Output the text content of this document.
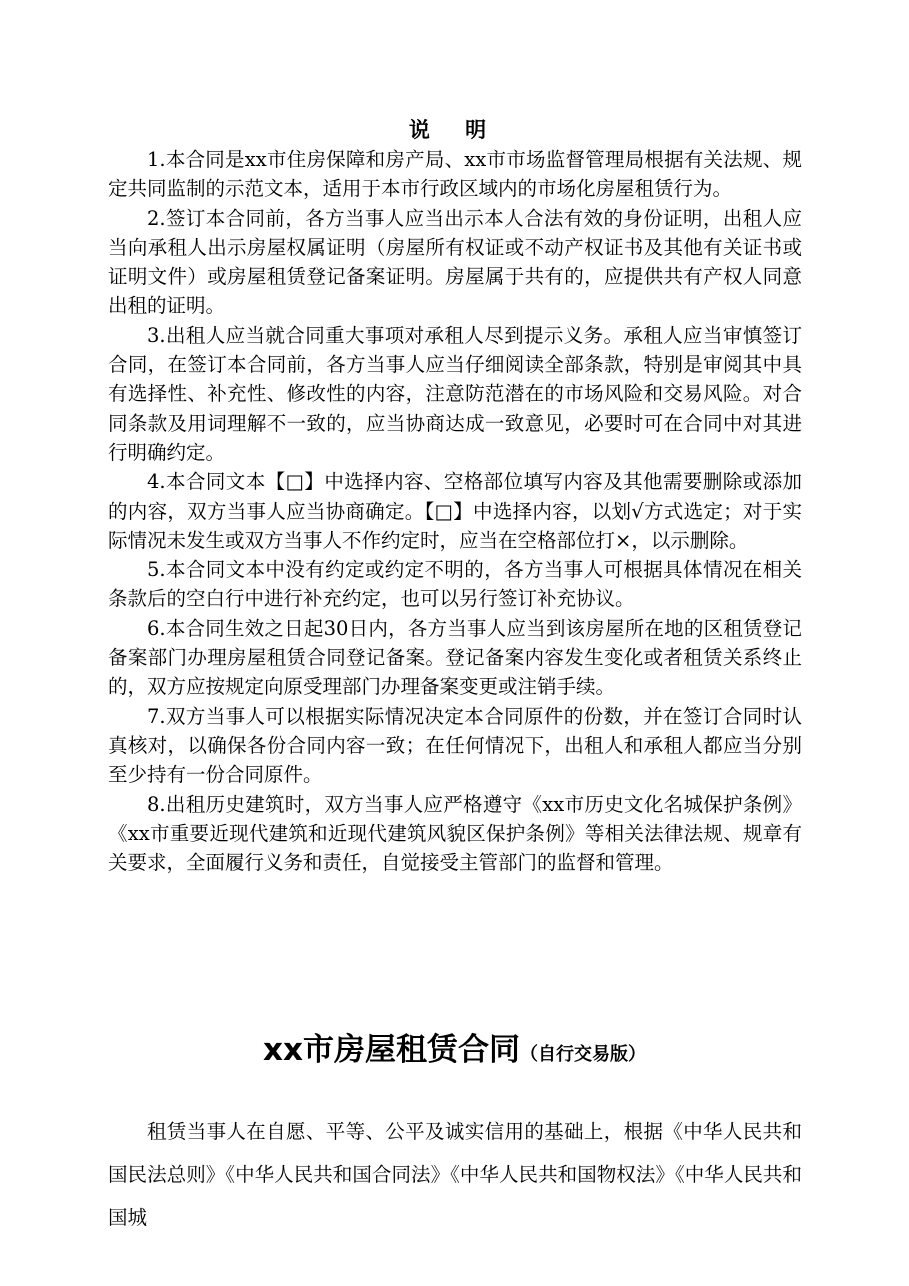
说 明

1.本合同是xx市住房保障和房产局、xx市市场监督管理局根据有关法规、规定共同监制的示范文本，适用于本市行政区域内的市场化房屋租赁行为。

2.签订本合同前，各方当事人应当出示本人合法有效的身份证明，出租人应当向承租人出示房屋权属证明（房屋所有权证或不动产权证书及其他有关证书或证明文件）或房屋租赁登记备案证明。房屋属于共有的，应提供共有产权人同意出租的证明。

3.出租人应当就合同重大事项对承租人尽到提示义务。承租人应当审慎签订合同，在签订本合同前，各方当事人应当仔细阅读全部条款，特别是审阅其中具有选择性、补充性、修改性的内容，注意防范潜在的市场风险和交易风险。对合同条款及用词理解不一致的，应当协商达成一致意见，必要时可在合同中对其进行明确约定。

4.本合同文本【□】中选择内容、空格部位填写内容及其他需要删除或添加的内容，双方当事人应当协商确定。【□】中选择内容，以划√方式选定；对于实际情况未发生或双方当事人不作约定时，应当在空格部位打×，以示删除。

5.本合同文本中没有约定或约定不明的，各方当事人可根据具体情况在相关条款后的空白行中进行补充约定，也可以另行签订补充协议。

6.本合同生效之日起30日内，各方当事人应当到该房屋所在地的区租赁登记备案部门办理房屋租赁合同登记备案。登记备案内容发生变化或者租赁关系终止的，双方应按规定向原受理部门办理备案变更或注销手续。

7.双方当事人可以根据实际情况决定本合同原件的份数，并在签订合同时认真核对，以确保各份合同内容一致；在任何情况下，出租人和承租人都应当分别至少持有一份合同原件。

8.出租历史建筑时，双方当事人应严格遵守《xx市历史文化名城保护条例》《xx市重要近现代建筑和近现代建筑风貌区保护条例》等相关法律法规、规章有关要求，全面履行义务和责任，自觉接受主管部门的监督和管理。

xx市房屋租赁合同（自行交易版）

租赁当事人在自愿、平等、公平及诚实信用的基础上，根据《中华人民共和国民法总则》《中华人民共和国合同法》《中华人民共和国物权法》《中华人民共和国城
